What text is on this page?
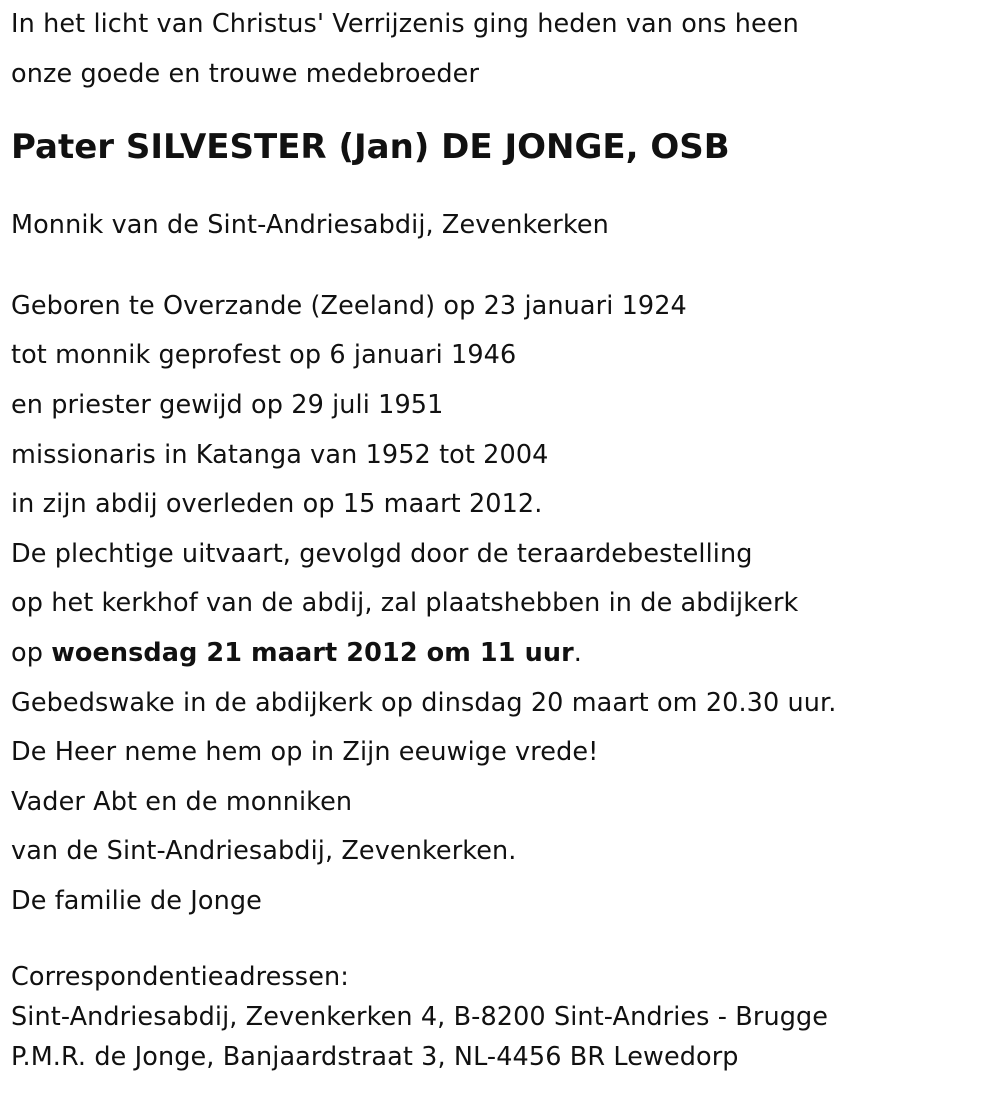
In het licht van Christus' Verrijzenis ging heden van ons heen
onze goede en trouwe medebroeder
Pater SILVESTER (Jan) DE JONGE, OSB
Monnik van de Sint-Andriesabdij, Zevenkerken
Geboren te Overzande (Zeeland) op 23 januari 1924
tot monnik geprofest op 6 januari 1946
en priester gewijd op 29 juli 1951
missionaris in Katanga van 1952 tot 2004
in zijn abdij overleden op 15 maart 2012.
De plechtige uitvaart, gevolgd door de teraardebestelling
op het kerkhof van de abdij, zal plaatshebben in de abdijkerk
op woensdag 21 maart 2012 om 11 uur.
Gebedswake in de abdijkerk op dinsdag 20 maart om 20.30 uur.
De Heer neme hem op in Zijn eeuwige vrede!
Vader Abt en de monniken
van de Sint-Andriesabdij, Zevenkerken.
De familie de Jonge
Correspondentieadressen:
Sint-Andriesabdij, Zevenkerken 4, B-8200 Sint-Andries - Brugge
P.M.R. de Jonge, Banjaardstraat 3, NL-4456 BR Lewedorp
